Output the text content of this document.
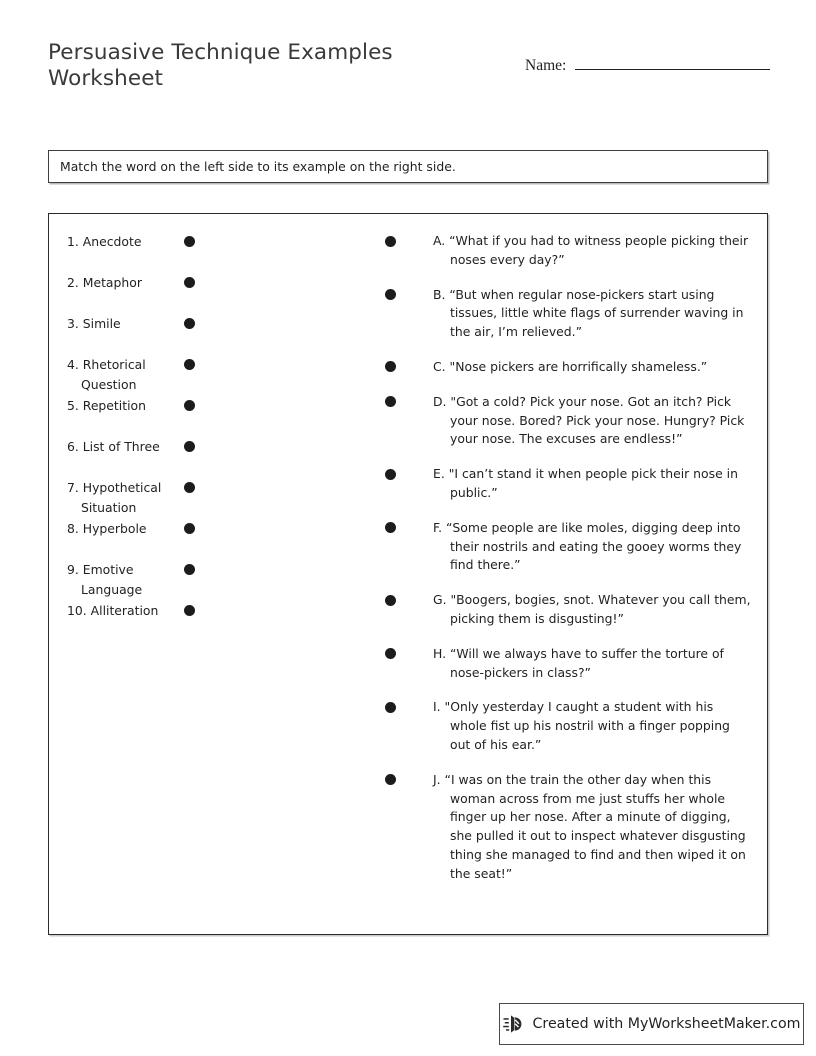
Persuasive Technique Examples Worksheet
Name:
Match the word on the left side to its example on the right side.
1. Anecdote
2. Metaphor
3. Simile
4. Rhetorical Question
5. Repetition
6. List of Three
7. Hypothetical Situation
8. Hyperbole
9. Emotive Language
10. Alliteration
A. “What if you had to witness people picking their noses every day?”
B. “But when regular nose-pickers start using tissues, little white flags of surrender waving in the air, I’m relieved.”
C. "Nose pickers are horrifically shameless.”
D. "Got a cold? Pick your nose. Got an itch? Pick your nose. Bored? Pick your nose. Hungry? Pick your nose. The excuses are endless!”
E. "I can’t stand it when people pick their nose in public.”
F. “Some people are like moles, digging deep into their nostrils and eating the gooey worms they find there.”
G. "Boogers, bogies, snot. Whatever you call them, picking them is disgusting!”
H. “Will we always have to suffer the torture of nose-pickers in class?”
I. "Only yesterday I caught a student with his whole fist up his nostril with a finger popping out of his ear.”
J. “I was on the train the other day when this woman across from me just stuffs her whole finger up her nose. After a minute of digging, she pulled it out to inspect whatever disgusting thing she managed to find and then wiped it on the seat!”
Created with MyWorksheetMaker.com
